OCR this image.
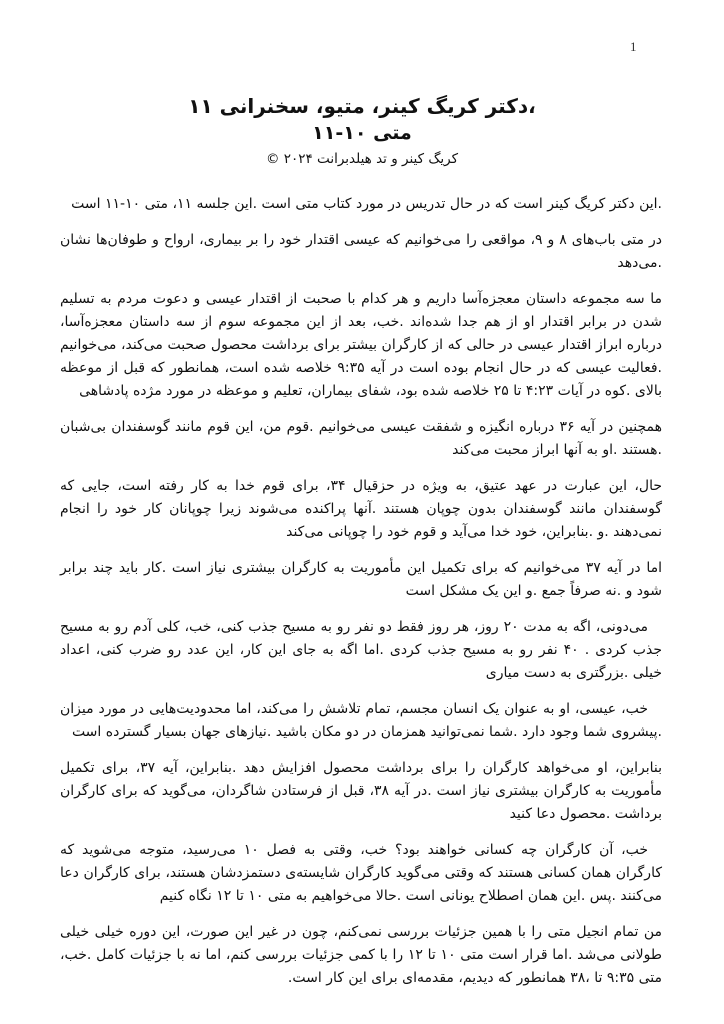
1
،دکتر کریگ کینر، متیو، سخنرانی ۱۱
متی ۱۰-۱۱
کریگ کینر و تد هیلدبرانت ۲۰۲۴ ©

.این دکتر کریگ کینر است که در حال تدریس در مورد کتاب متی است .این جلسه ۱۱، متی ۱۰-۱۱ است

در متی باب‌های ۸ و ۹، مواقعی را می‌خوانیم که عیسی اقتدار خود را بر بیماری، ارواح و طوفان‌ها نشان .می‌دهد

ما سه مجموعه داستان معجزه‌آسا داریم و هر کدام با صحبت از اقتدار عیسی و دعوت مردم به تسلیم شدن در برابر اقتدار او از هم جدا شده‌اند .خب، بعد از این مجموعه سوم از سه داستان معجزه‌آسا، درباره ابراز اقتدار عیسی در حالی که از کارگران بیشتر برای برداشت محصول صحبت می‌کند، می‌خوانیم .فعالیت عیسی که در حال انجام بوده است در آیه ۹:۳۵ خلاصه شده است، همانطور که قبل از موعظه بالای .کوه در آیات ۴:۲۳ تا ۲۵ خلاصه شده بود، شفای بیماران، تعلیم و موعظه در مورد مژده پادشاهی

همچنین در آیه ۳۶ درباره انگیزه و شفقت عیسی می‌خوانیم .قوم من، این قوم مانند گوسفندان بی‌شبان .هستند .او به آنها ابراز محبت می‌کند

حال، این عبارت در عهد عتیق، به ویژه در حزقیال ۳۴، برای قوم خدا به کار رفته است، جایی که گوسفندان مانند گوسفندان بدون چوپان هستند .آنها پراکنده می‌شوند زیرا چوپانان کار خود را انجام نمی‌دهند .و .بنابراین، خود خدا می‌آید و قوم خود را چوپانی می‌کند

اما در آیه ۳۷ می‌خوانیم که برای تکمیل این مأموریت به کارگران بیشتری نیاز است .کار باید چند برابر شود و .نه صرفاً جمع .و این یک مشکل است

می‌دونی، اگه به مدت ۲۰ روز، هر روز فقط دو نفر رو به مسیح جذب کنی، خب، کلی آدم رو به مسیح جذب کردی . ۴۰ نفر رو به مسیح جذب کردی .اما اگه به جای این کار، این عدد رو ضرب کنی، اعداد خیلی .بزرگتری به دست میاری

خب، عیسی، او به عنوان یک انسان مجسم، تمام تلاشش را می‌کند، اما محدودیت‌هایی در مورد میزان .پیشروی شما وجود دارد .شما نمی‌توانید همزمان در دو مکان باشید .نیازهای جهان بسیار گسترده است

بنابراین، او می‌خواهد کارگران را برای برداشت محصول افزایش دهد .بنابراین، آیه ۳۷، برای تکمیل مأموریت به کارگران بیشتری نیاز است .در آیه ۳۸، قبل از فرستادن شاگردان، می‌گوید که برای کارگران برداشت .محصول دعا کنید

خب، آن کارگران چه کسانی خواهند بود؟ خب، وقتی به فصل ۱۰ می‌رسید، متوجه می‌شوید که کارگران همان کسانی هستند که وقتی می‌گوید کارگران شایسته‌ی دستمزدشان هستند، برای کارگران دعا می‌کنند .پس .این همان اصطلاح یونانی است .حالا می‌خواهیم به متی ۱۰ تا ۱۲ نگاه کنیم

من تمام انجیل متی را با همین جزئیات بررسی نمی‌کنم، چون در غیر این صورت، این دوره خیلی خیلی طولانی می‌شد .اما قرار است متی ۱۰ تا ۱۲ را با کمی جزئیات بررسی کنم، اما نه با جزئیات کامل .خب، متی ۹:۳۵ تا ،۳۸ همانطور که دیدیم، مقدمه‌ای برای این کار است.
